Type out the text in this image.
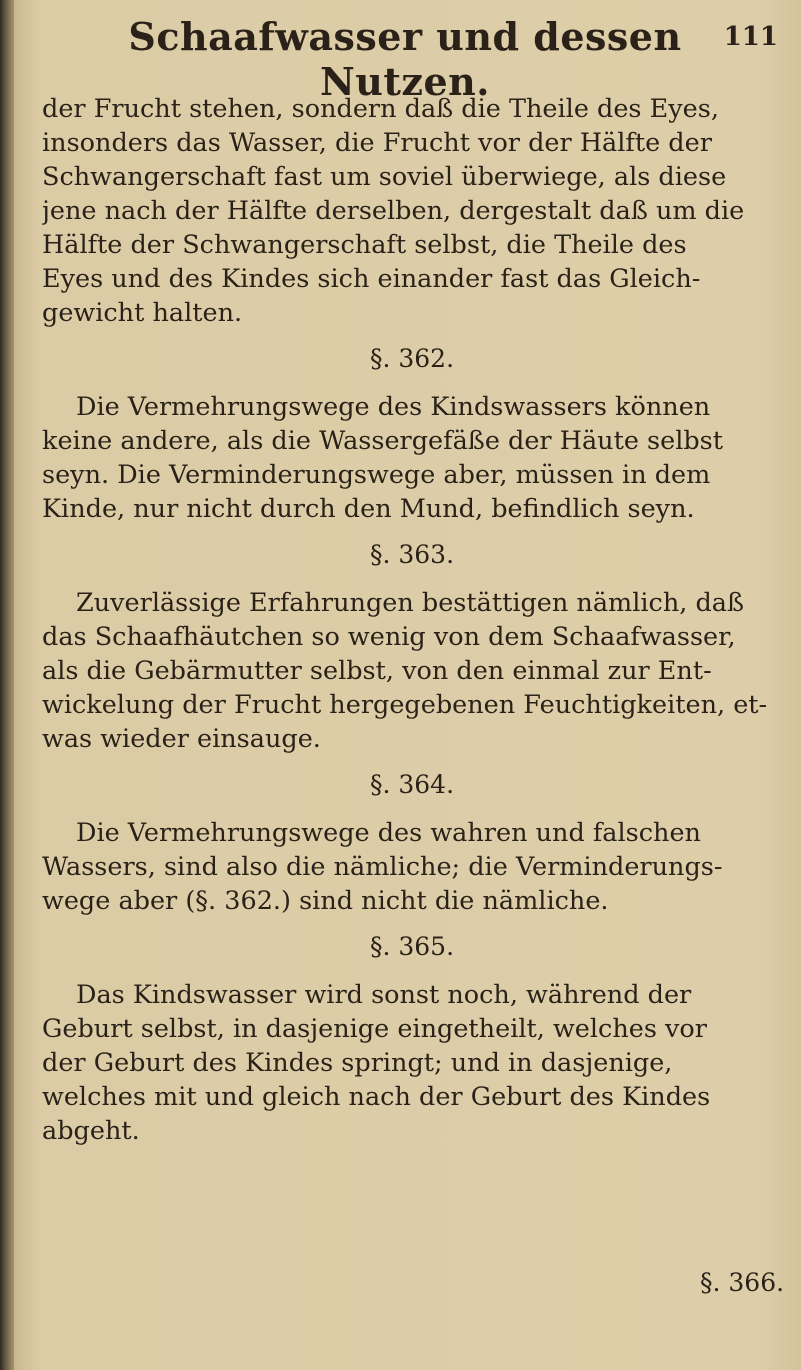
Schaafwasser und dessen Nutzen.
111
der Frucht stehen, sondern daß die Theile des Eyes,
insonders das Wasser, die Frucht vor der Hälfte der
Schwangerschaft fast um soviel überwiege, als diese
jene nach der Hälfte derselben, dergestalt daß um die
Hälfte der Schwangerschaft selbst, die Theile des
Eyes und des Kindes sich einander fast das Gleich-
gewicht halten.
§. 362.
Die Vermehrungswege des Kindswassers können
keine andere, als die Wassergefäße der Häute selbst
seyn. Die Verminderungswege aber, müssen in dem
Kinde, nur nicht durch den Mund, befindlich seyn.
§. 363.
Zuverlässige Erfahrungen bestättigen nämlich, daß
das Schaafhäutchen so wenig von dem Schaafwasser,
als die Gebärmutter selbst, von den einmal zur Ent-
wickelung der Frucht hergegebenen Feuchtigkeiten, et-
was wieder einsauge.
§. 364.
Die Vermehrungswege des wahren und falschen
Wassers, sind also die nämliche; die Verminderungs-
wege aber (§. 362.) sind nicht die nämliche.
§. 365.
Das Kindswasser wird sonst noch, während der
Geburt selbst, in dasjenige eingetheilt, welches vor
der Geburt des Kindes springt; und in dasjenige,
welches mit und gleich nach der Geburt des Kindes
abgeht.
§. 366.
